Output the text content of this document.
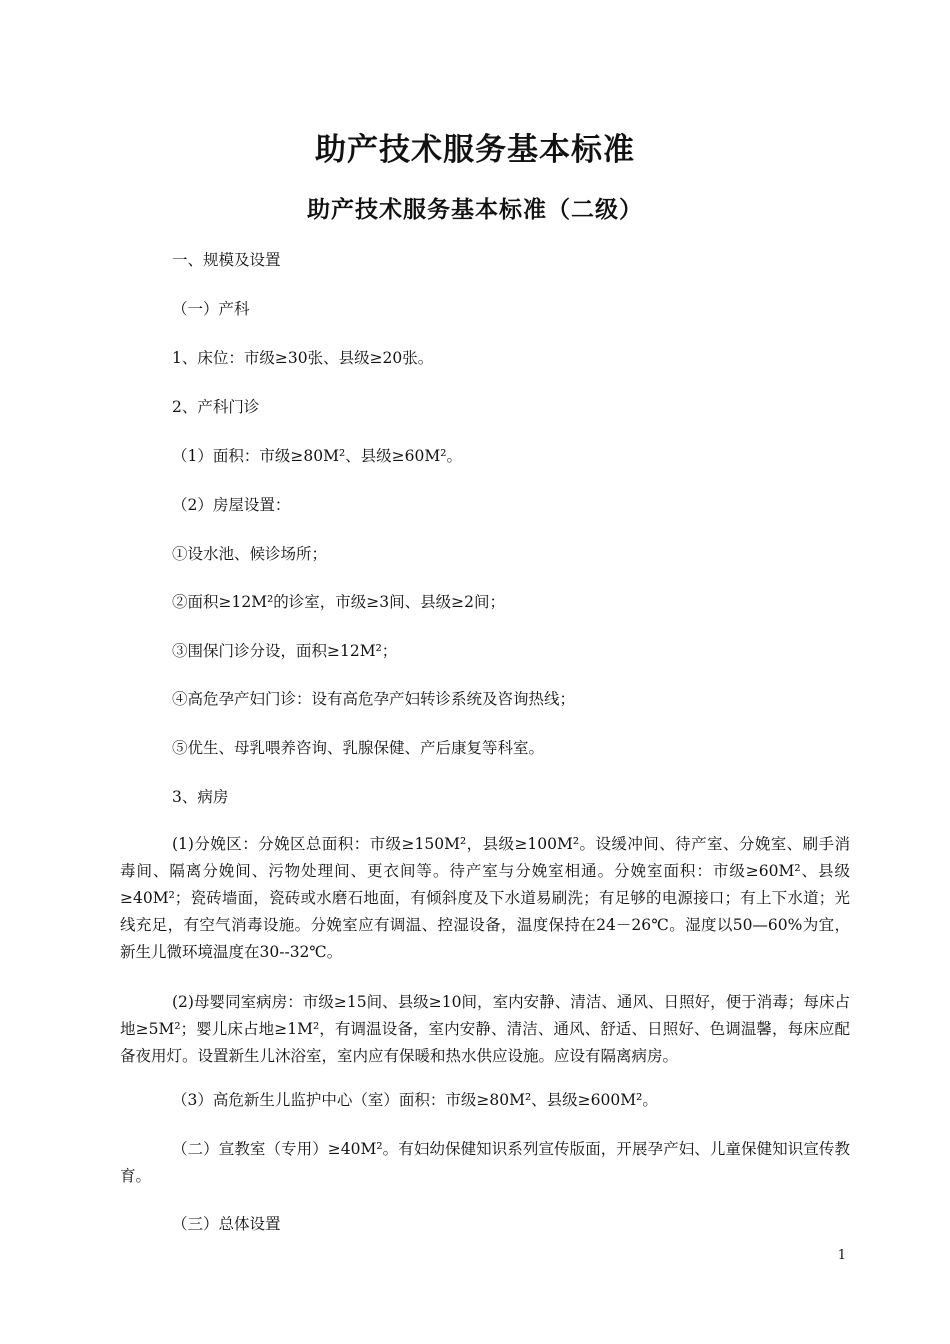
助产技术服务基本标准
助产技术服务基本标准（二级）
一、规模及设置
（一）产科
1、床位：市级≥30张、县级≥20张。
2、产科门诊
（1）面积：市级≥80M²、县级≥60M²。
（2）房屋设置：
①设水池、候诊场所；
②面积≥12M²的诊室，市级≥3间、县级≥2间；
③围保门诊分设，面积≥12M²；
④高危孕产妇门诊：设有高危孕产妇转诊系统及咨询热线；
⑤优生、母乳喂养咨询、乳腺保健、产后康复等科室。
3、病房
(1)分娩区：分娩区总面积：市级≥150M²，县级≥100M²。设缓冲间、待产室、分娩室、刷手消毒间、隔离分娩间、污物处理间、更衣间等。待产室与分娩室相通。分娩室面积：市级≥60M²、县级≥40M²；瓷砖墙面，瓷砖或水磨石地面，有倾斜度及下水道易刷洗；有足够的电源接口；有上下水道；光线充足，有空气消毒设施。分娩室应有调温、控湿设备，温度保持在24－26℃。湿度以50—60%为宜，新生儿微环境温度在30--32℃。
(2)母婴同室病房：市级≥15间、县级≥10间，室内安静、清洁、通风、日照好，便于消毒；每床占地≥5M²；婴儿床占地≥1M²，有调温设备，室内安静、清洁、通风、舒适、日照好、色调温馨，每床应配备夜用灯。设置新生儿沐浴室，室内应有保暖和热水供应设施。应设有隔离病房。
（3）高危新生儿监护中心（室）面积：市级≥80M²、县级≥600M²。
（二）宣教室（专用）≥40M²。有妇幼保健知识系列宣传版面，开展孕产妇、儿童保健知识宣传教育。
（三）总体设置
1
